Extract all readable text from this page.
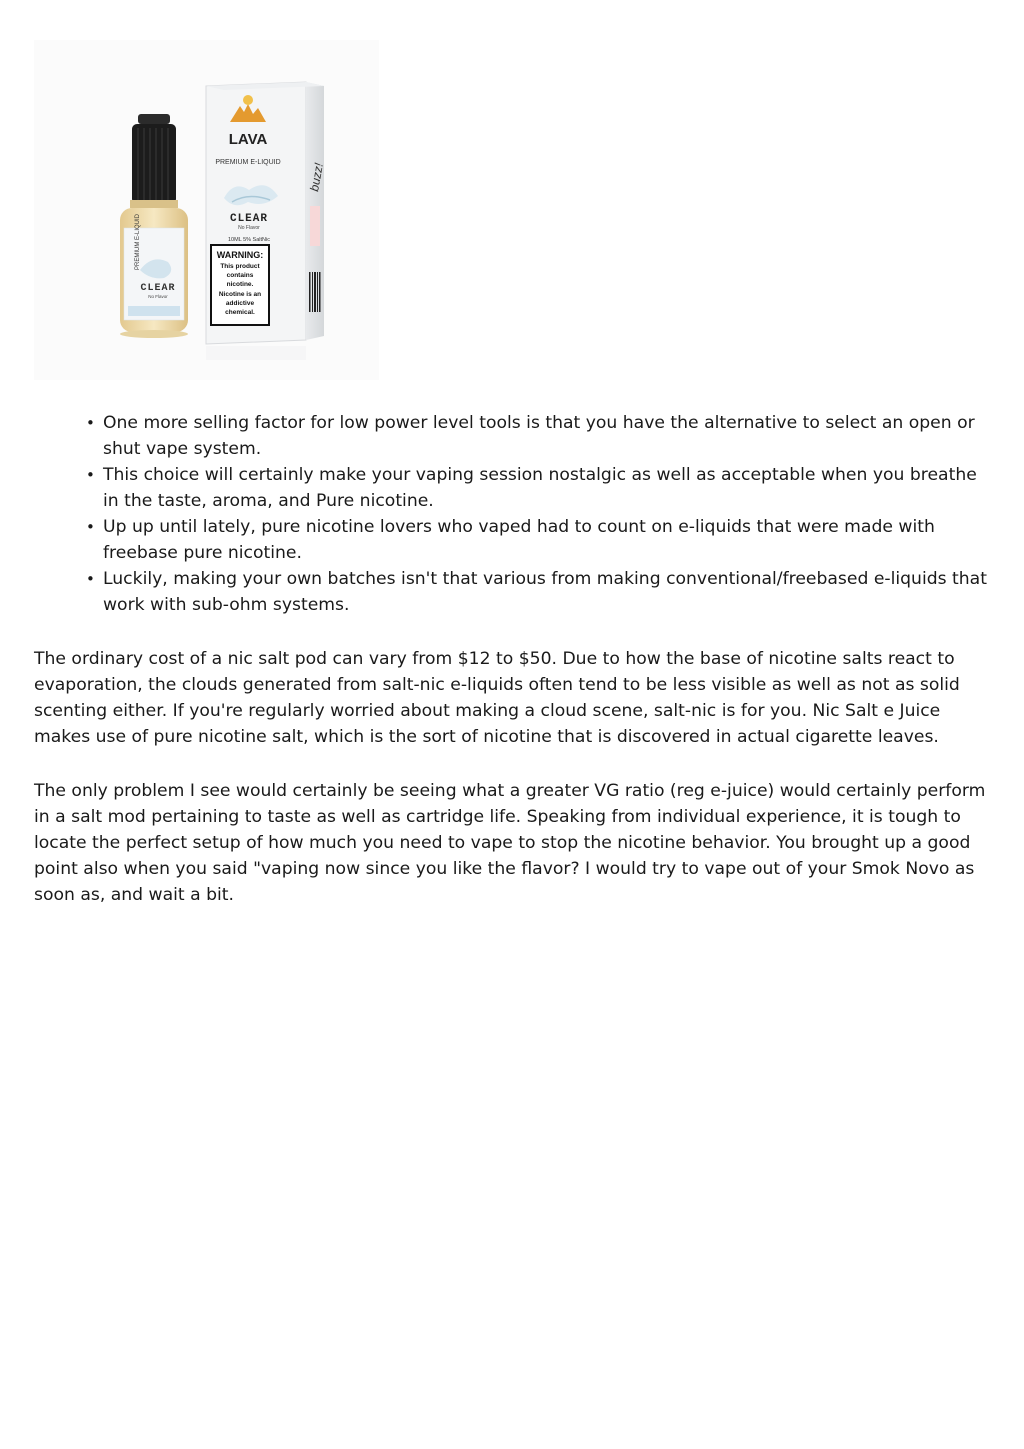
LAVA
PREMIUM E-LIQUID
CLEAR
No Flavor
10ML 5% SaltNic
WARNING:
This product
contains
nicotine.
Nicotine is an
addictive
chemical.
buzz!
PREMIUM E-LIQUID
CLEAR
No Flavor
• One more selling factor for low power level tools is that you have the alternative to select an open or shut vape system.
• This choice will certainly make your vaping session nostalgic as well as acceptable when you breathe in the taste, aroma, and Pure nicotine.
• Up up until lately, pure nicotine lovers who vaped had to count on e-liquids that were made with freebase pure nicotine.
• Luckily, making your own batches isn't that various from making conventional/freebased e-liquids that work with sub-ohm systems.

The ordinary cost of a nic salt pod can vary from $12 to $50. Due to how the base of nicotine salts react to evaporation, the clouds generated from salt-nic e-liquids often tend to be less visible as well as not as solid scenting either. If you're regularly worried about making a cloud scene, salt-nic is for you. Nic Salt e Juice makes use of pure nicotine salt, which is the sort of nicotine that is discovered in actual cigarette leaves.

The only problem I see would certainly be seeing what a greater VG ratio (reg e-juice) would certainly perform in a salt mod pertaining to taste as well as cartridge life. Speaking from individual experience, it is tough to locate the perfect setup of how much you need to vape to stop the nicotine behavior. You brought up a good point also when you said "vaping now since you like the flavor? I would try to vape out of your Smok Novo as soon as, and wait a bit.
